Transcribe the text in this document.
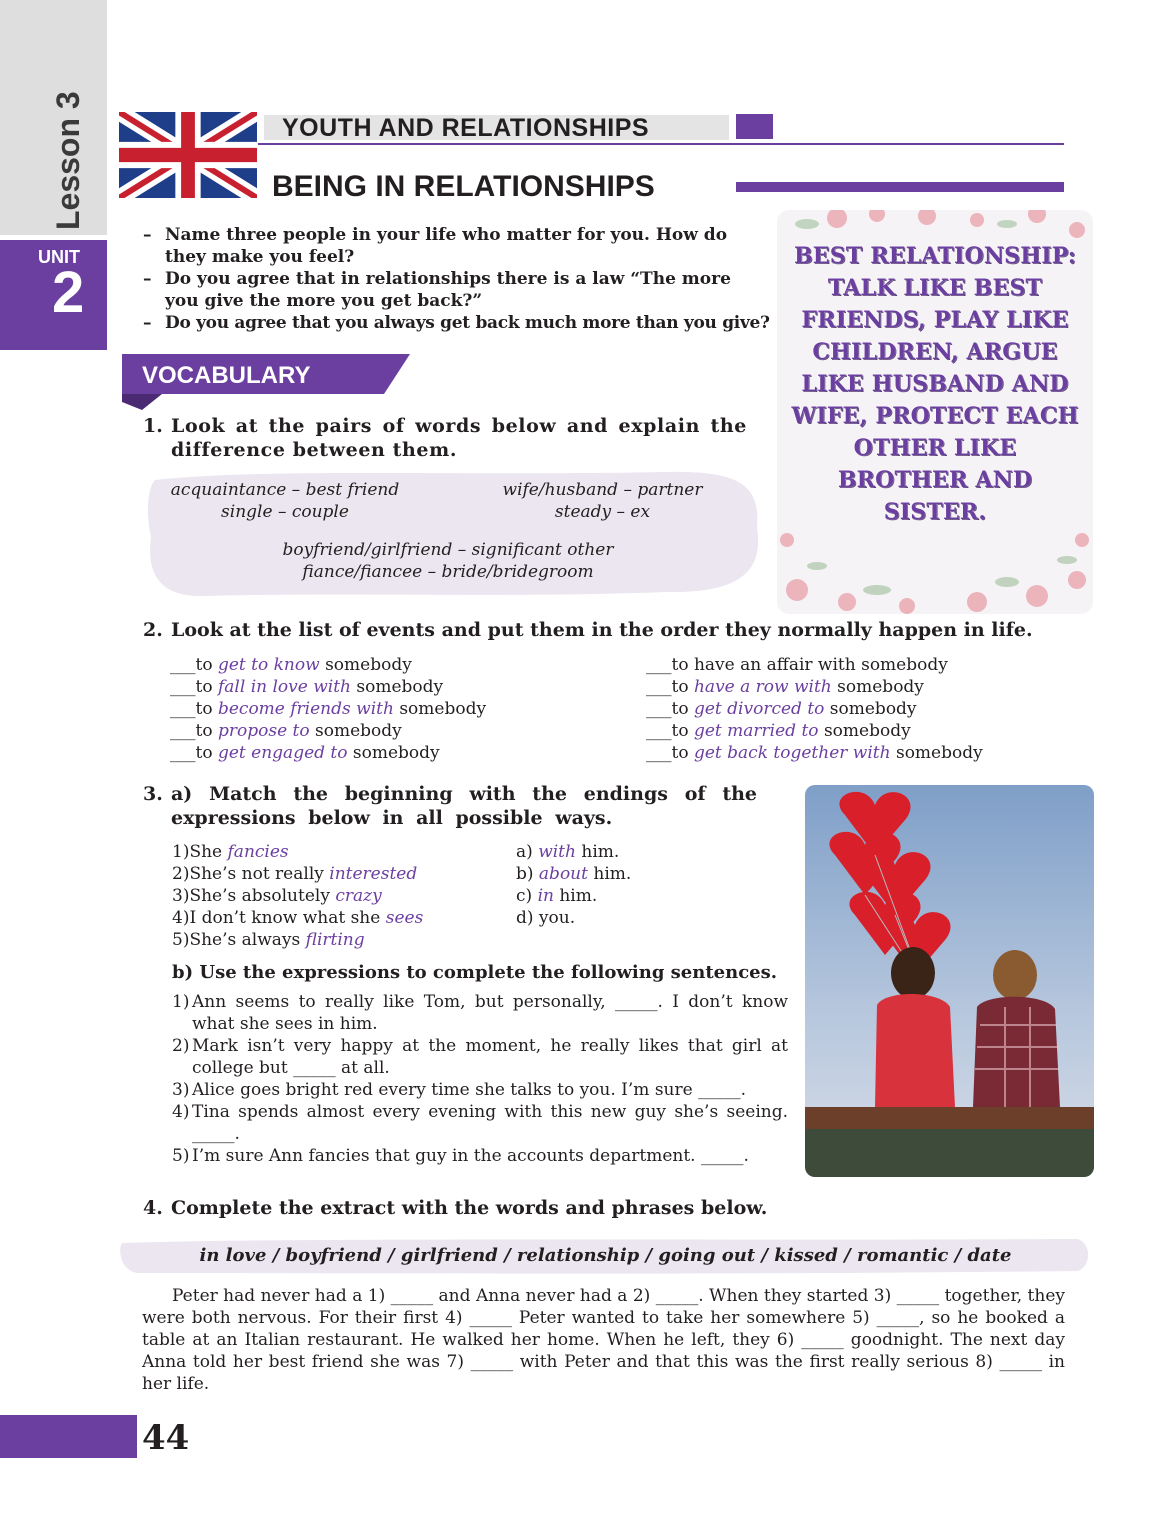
Lesson 3
UNIT
2
YOUTH AND RELATIONSHIPS
BEING IN RELATIONSHIPS
– Name three people in your life who matter for you. How do they make you feel?
– Do you agree that in relationships there is a law “The more you give the more you get back?”
– Do you agree that you always get back much more than you give?
VOCABULARY
1. Look at the pairs of words below and explain the difference between them.
acquaintance – best friend	wife/husband – partner
single – couple	steady – ex
boyfriend/girlfriend – significant other
fiance/fiancee – bride/bridegroom
BEST RELATIONSHIP: TALK LIKE BEST FRIENDS, PLAY LIKE CHILDREN, ARGUE LIKE HUSBAND AND WIFE, PROTECT EACH OTHER LIKE BROTHER AND SISTER.
2. Look at the list of events and put them in the order they normally happen in life.
___to get to know somebody
___to fall in love with somebody
___to become friends with somebody
___to propose to somebody
___to get engaged to somebody
___to have an affair with somebody
___to have a row with somebody
___to get divorced to somebody
___to get married to somebody
___to get back together with somebody
3. a) Match the beginning with the endings of the expressions below in all possible ways.
1)She fancies
2)She’s not really interested
3)She’s absolutely crazy
4)I don’t know what she sees
5)She’s always flirting
a) with him.
b) about him.
c) in him.
d) you.
b) Use the expressions to complete the following sentences.
1) Ann seems to really like Tom, but personally, _____. I don’t know what she sees in him.
2) Mark isn’t very happy at the moment, he really likes that girl at college but _____ at all.
3) Alice goes bright red every time she talks to you. I’m sure _____.
4) Tina spends almost every evening with this new guy she’s seeing. _____.
5) I’m sure Ann fancies that guy in the accounts department. _____.
4. Complete the extract with the words and phrases below.
in love / boyfriend / girlfriend / relationship / going out / kissed / romantic / date
Peter had never had a 1) _____ and Anna never had a 2) _____. When they started 3) _____ together, they were both nervous. For their first 4) _____ Peter wanted to take her somewhere 5) _____, so he booked a table at an Italian restaurant. He walked her home. When he left, they 6) _____ goodnight. The next day Anna told her best friend she was 7) _____ with Peter and that this was the first really serious 8) _____ in her life.
44
